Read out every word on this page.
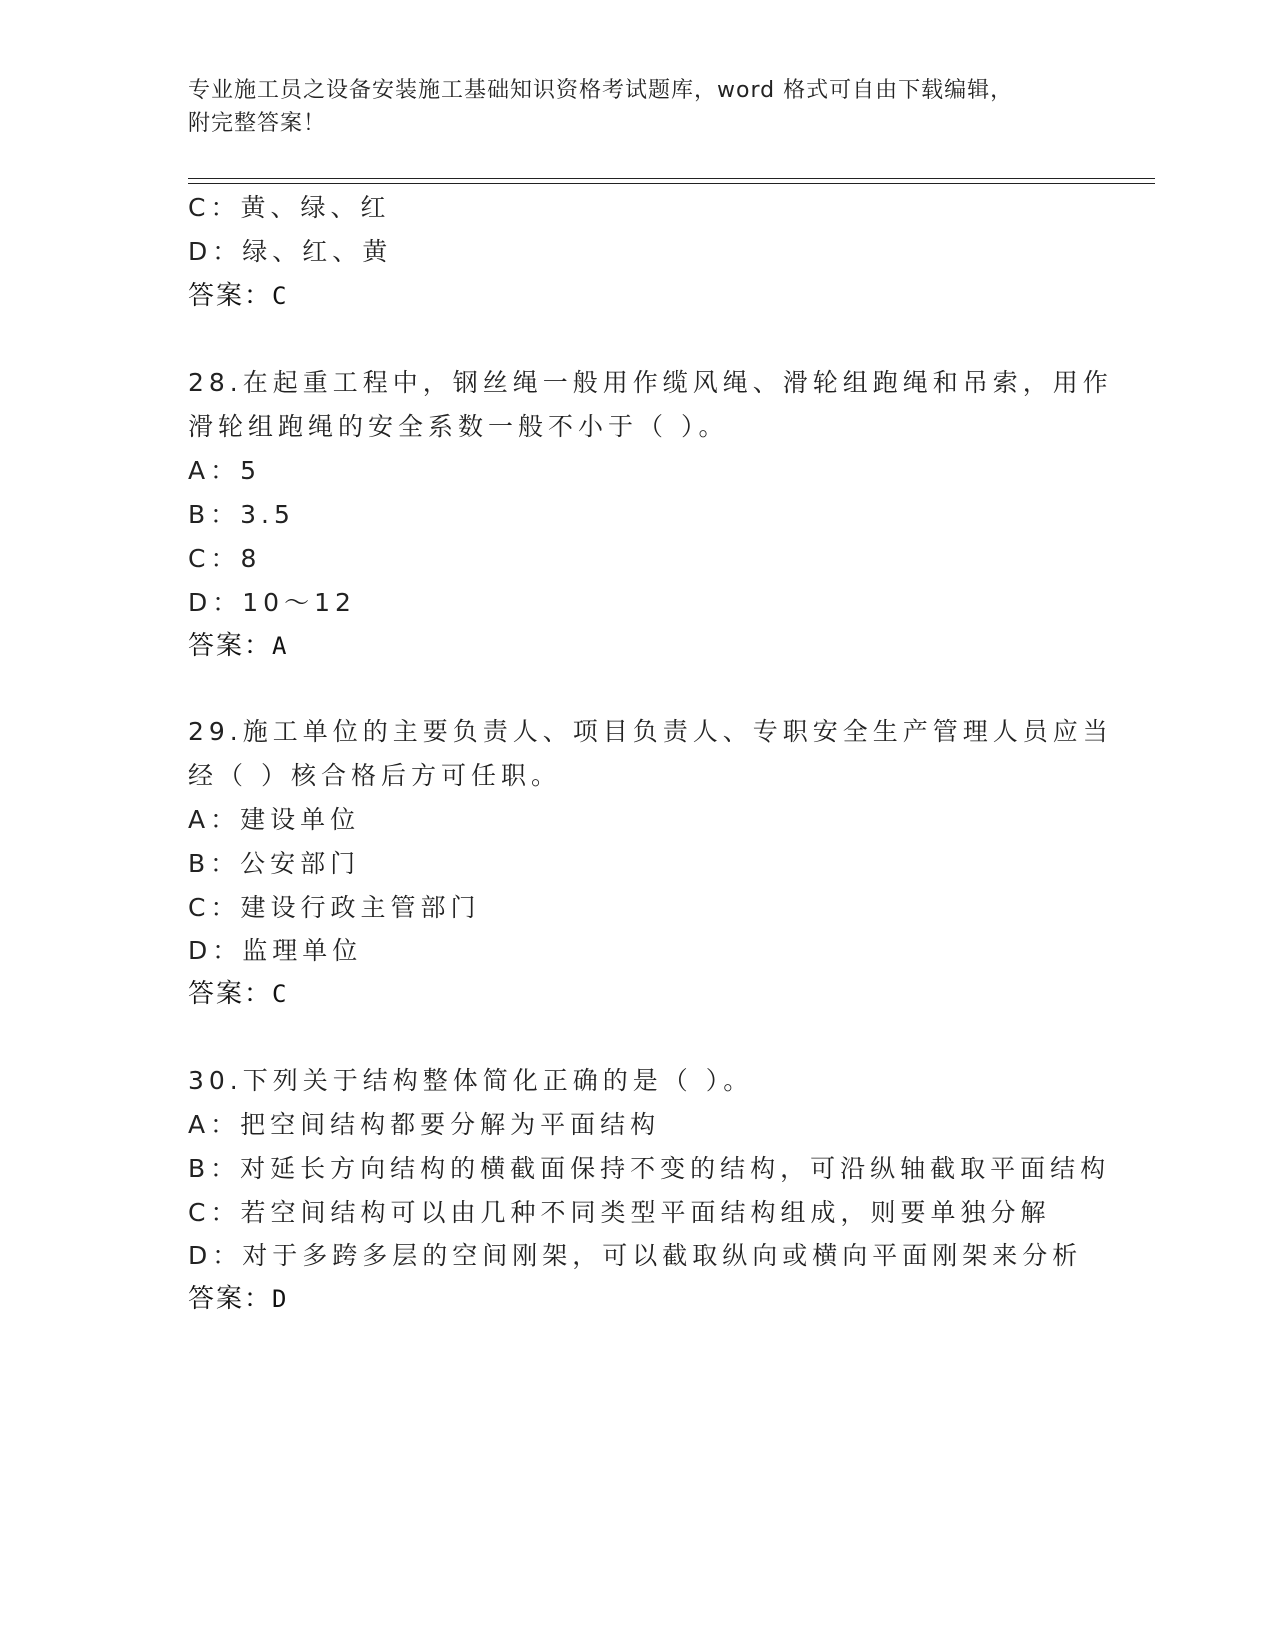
专业施工员之设备安装施工基础知识资格考试题库，word 格式可自由下载编辑，
附完整答案！
C：黄、绿、红
D：绿、红、黄
答案：C
28.在起重工程中，钢丝绳一般用作缆风绳、滑轮组跑绳和吊索，用作
滑轮组跑绳的安全系数一般不小于（ ）。
A：5
B：3.5
C：8
D：10～12
答案：A
29.施工单位的主要负责人、项目负责人、专职安全生产管理人员应当
经（ ）核合格后方可任职。
A：建设单位
B：公安部门
C：建设行政主管部门
D：监理单位
答案：C
30.下列关于结构整体简化正确的是（ ）。
A：把空间结构都要分解为平面结构
B：对延长方向结构的横截面保持不变的结构，可沿纵轴截取平面结构
C：若空间结构可以由几种不同类型平面结构组成，则要单独分解
D：对于多跨多层的空间刚架，可以截取纵向或横向平面刚架来分析
答案：D
